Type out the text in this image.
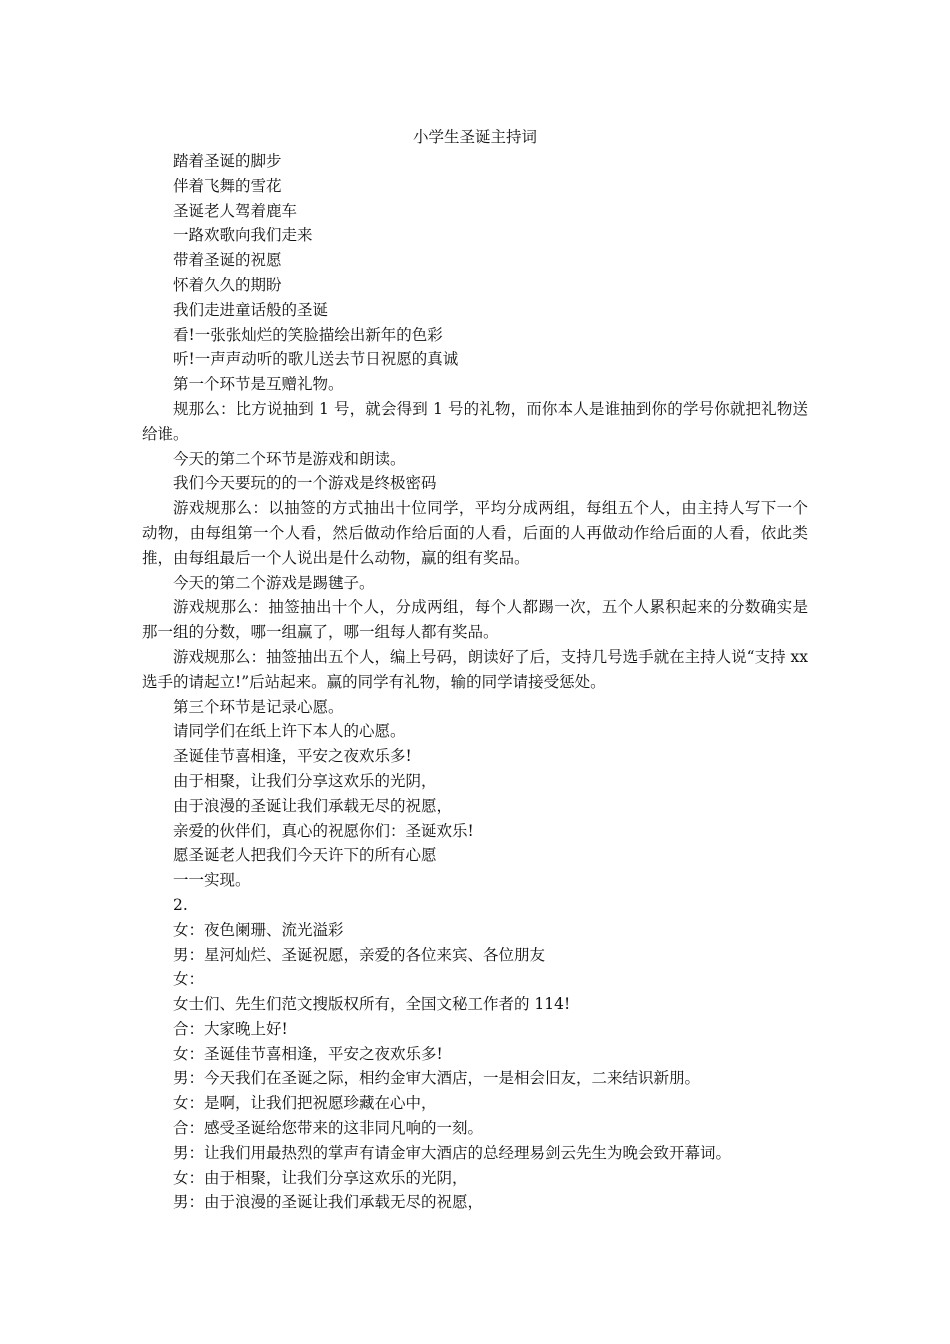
小学生圣诞主持词

踏着圣诞的脚步

伴着飞舞的雪花

圣诞老人驾着鹿车

一路欢歌向我们走来

带着圣诞的祝愿

怀着久久的期盼

我们走进童话般的圣诞

看!一张张灿烂的笑脸描绘出新年的色彩

听!一声声动听的歌儿送去节日祝愿的真诚

第一个环节是互赠礼物。

规那么：比方说抽到 1 号，就会得到 1 号的礼物，而你本人是谁抽到你的学号你就把礼物送给谁。

今天的第二个环节是游戏和朗读。

我们今天要玩的的一个游戏是终极密码

游戏规那么：以抽签的方式抽出十位同学，平均分成两组，每组五个人，由主持人写下一个动物，由每组第一个人看，然后做动作给后面的人看，后面的人再做动作给后面的人看，依此类推，由每组最后一个人说出是什么动物，赢的组有奖品。

今天的第二个游戏是踢毽子。

游戏规那么：抽签抽出十个人，分成两组，每个人都踢一次，五个人累积起来的分数确实是那一组的分数，哪一组赢了，哪一组每人都有奖品。

游戏规那么：抽签抽出五个人，编上号码，朗读好了后，支持几号选手就在主持人说“支持 xx 选手的请起立!”后站起来。赢的同学有礼物，输的同学请接受惩处。

第三个环节是记录心愿。

请同学们在纸上许下本人的心愿。

圣诞佳节喜相逢，平安之夜欢乐多!

由于相聚，让我们分享这欢乐的光阴，

由于浪漫的圣诞让我们承载无尽的祝愿，

亲爱的伙伴们，真心的祝愿你们：圣诞欢乐!

愿圣诞老人把我们今天许下的所有心愿

一一实现。

2.

女：夜色阑珊、流光溢彩

男：星河灿烂、圣诞祝愿，亲爱的各位来宾、各位朋友

女：

女士们、先生们范文搜版权所有，全国文秘工作者的 114!

合：大家晚上好!

女：圣诞佳节喜相逢，平安之夜欢乐多!

男：今天我们在圣诞之际，相约金审大酒店，一是相会旧友，二来结识新朋。

女：是啊，让我们把祝愿珍藏在心中，

合：感受圣诞给您带来的这非同凡响的一刻。

男：让我们用最热烈的掌声有请金审大酒店的总经理易剑云先生为晚会致开幕词。

女：由于相聚，让我们分享这欢乐的光阴，

男：由于浪漫的圣诞让我们承载无尽的祝愿，
